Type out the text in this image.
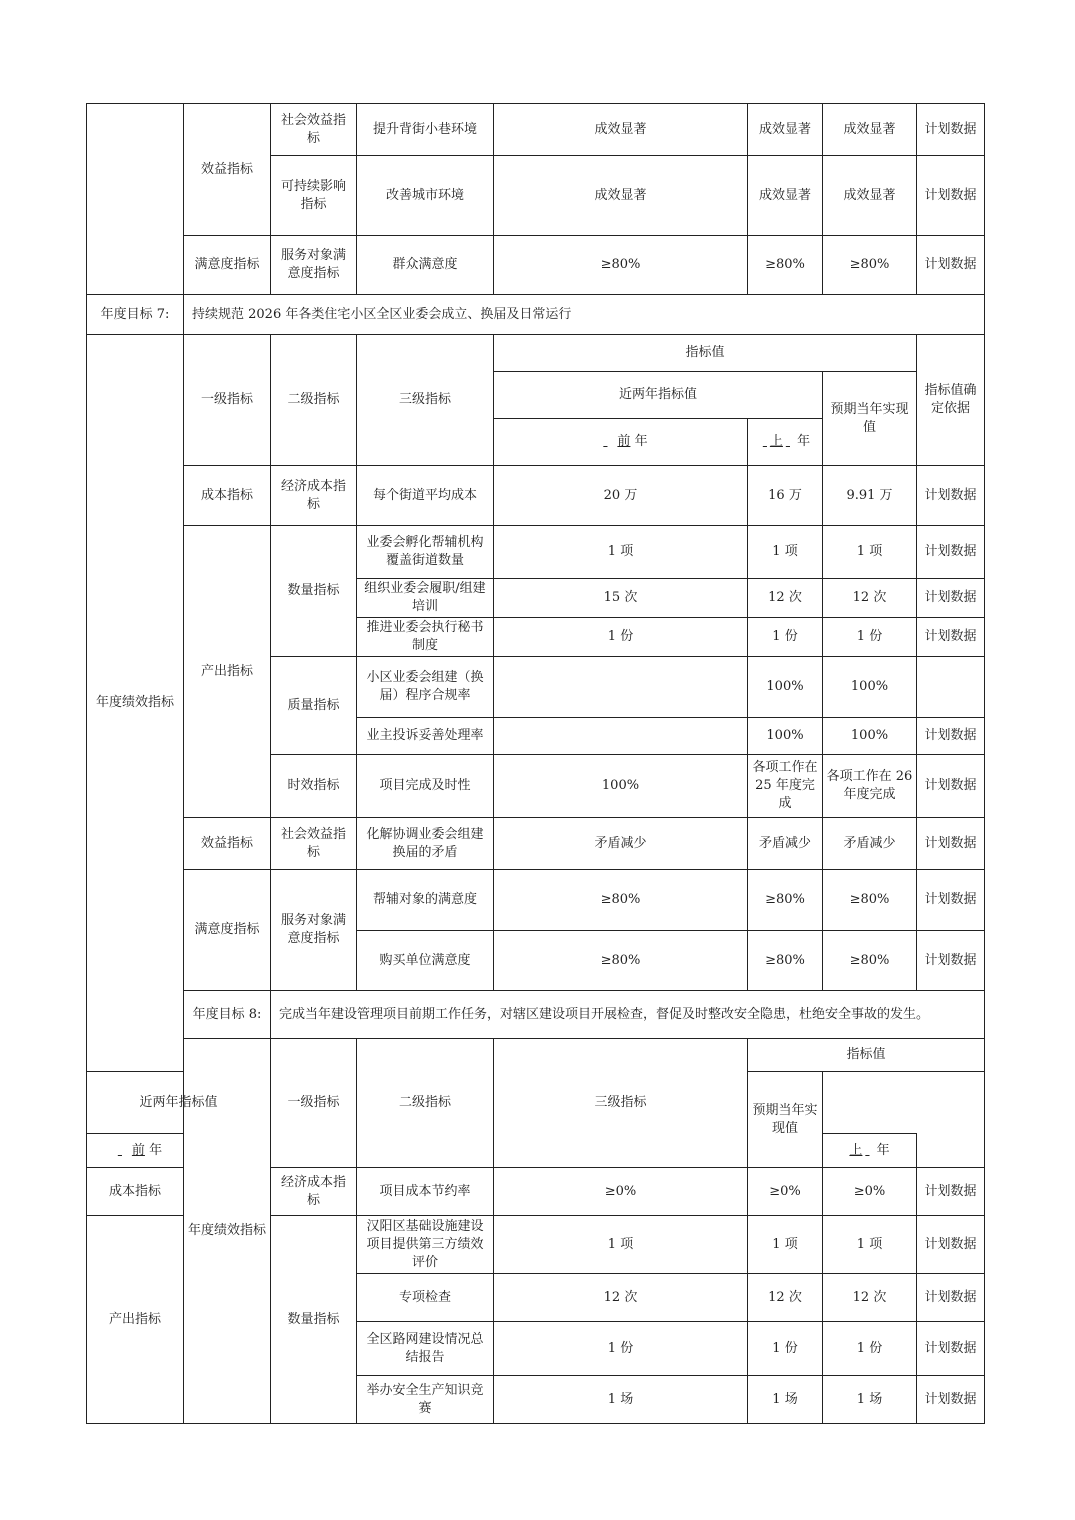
	效益指标	社会效益指标	提升背街小巷环境	成效显著	成效显著	成效显著	计划数据	
		可持续影响指标	改善城市环境	成效显著	成效显著	成效显著	计划数据	
	满意度指标	服务对象满意度指标	群众满意度	≥80%	≥80%	≥80%	计划数据	
年度目标 7:	持续规范 2026 年各类住宅小区全区业委会成立、换届及日常运行							
年度绩效指标	一级指标	二级指标	三级指标	指标值			指标值确定依据	
				近两年指标值		预期当年实现值		
				前 年	上 年			
	成本指标	经济成本指标	每个街道平均成本	20 万	16 万	9.91 万	计划数据	
	产出指标	数量指标	业委会孵化帮辅机构覆盖街道数量	1 项	1 项	1 项	计划数据	
			组织业委会履职/组建培训	15 次	12 次	12 次	计划数据	
			推进业委会执行秘书制度	1 份	1 份	1 份	计划数据	
		质量指标	小区业委会组建（换届）程序合规率		100%	100%		
			业主投诉妥善处理率		100%	100%	计划数据	
		时效指标	项目完成及时性	100%	各项工作在 25 年度完成	各项工作在 26 年度完成	计划数据	
	效益指标	社会效益指标	化解协调业委会组建换届的矛盾	矛盾减少	矛盾减少	矛盾减少	计划数据	
	满意度指标	服务对象满意度指标	帮辅对象的满意度	≥80%	≥80%	≥80%	计划数据	
			购买单位满意度	≥80%	≥80%	≥80%	计划数据	
	年度目标 8:	完成当年建设管理项目前期工作任务，对辖区建设项目开展检查，督促及时整改安全隐患，杜绝安全事故的发生。						
	年度绩效指标	一级指标	二级指标	三级指标	指标值	
近两年指标值					预期当年实现值			
前 年						上 年		
成本指标		经济成本指标	项目成本节约率	≥0%	≥0%	≥0%	计划数据	
产出指标		数量指标	汉阳区基础设施建设项目提供第三方绩效评价	1 项	1 项	1 项	计划数据	
			专项检查	12 次	12 次	12 次	计划数据	
			全区路网建设情况总结报告	1 份	1 份	1 份	计划数据	
			举办安全生产知识竞赛	1 场	1 场	1 场	计划数据	
